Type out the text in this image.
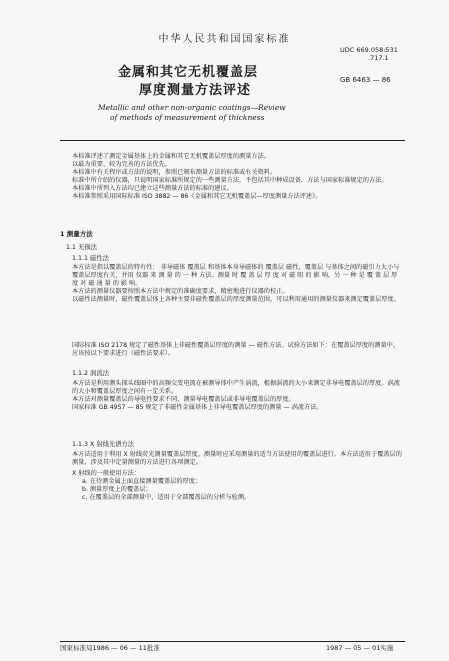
中华人民共和国国家标准
UDC 669.058:531
.717.1
GB 6463 — 86
金属和其它无机覆盖层
厚度测量方法评述
Metallic and other non-organic coatings—Review
of methods of measurement of thickness

本标准评述了测定金属基体上的金属和其它无机覆盖层厚度的测量方法。

以最为重要、较为完善的方法优先。

本标准中有关程序或方法的说明，参照已颁布测量方法的标准或有关资料。

标准中所介绍的仪器，只说明国家标准所规定的一些测量方法，不包括其中种成设备，方法与国家标准规定的方法。

本标准中所列入方法均已建立这些测量方法的标准的建议。

本标准参照采用国际标准 ISO 3882 — 86《金属和其它无机覆盖层—厚度测量方法评述》。

1 测量方法
1.1 无损法
1.1.1 磁性法

本方法是指以覆盖层的特有性： 非导磁体 覆盖层 和基体本身导磁体的 覆盖层 磁性，覆盖层 与基体之间的磁引力大小与覆盖层厚度有关，并用 仪器 来 测 量 的 一 种 方法。测量 时 覆 盖 层 厚 度 对 磁 阻 的 影 响，另 一 种 是 覆 盖 层 厚 度 对 磁 通 量 的 影 响。

本方法的测量仪器要按照本方法中规定的准确度要求，精密地进行仪器的校正。

以磁性法测量时，磁性覆盖层体上各种主要非磁性覆盖层的厚度测量范围，可以利用通用的测量仪器来测定覆盖层厚度。

国际标准 ISO 2178 规定了磁性基体上非磁性覆盖层厚度的测量 — 磁性方法。试验方法如下：在覆盖层厚度的测量中，应该按以下要求进行（磁性法要求）。

1.1.2 涡流法

本方法是利用测头探头线圈中的高频交变电流在被测导体中产生涡流，根据涡流的大小来测定非导电覆盖层的厚度。涡流的大小和覆盖层厚度之间有一定关系。

本方法对测量覆盖层的导电性要求不同，测量导电覆盖层或非导电覆盖层的厚度。

国家标准 GB 4957 — 85 规定了非磁性金属基体上非导电覆盖层厚度的测量 — 涡流方法。

1.1.3 X 射线光谱方法

本方法适用于利用 X 射线荧光测量覆盖层厚度。测量时应采用测量的适当方法使用的覆盖层进行。本方法适用于覆盖层的测量，涉及其中定量测量的方法进行各项测定。

X 射线的一般使用方法：

a. 在待测金属上面直接测量覆盖层的厚度；

b. 测量厚度上的覆盖层；

c. 在覆盖层的全部测量中，适用于全部覆盖层的分析与检测。

国家标准局1986 — 06 — 11批准	1987 — 05 — 01实施
